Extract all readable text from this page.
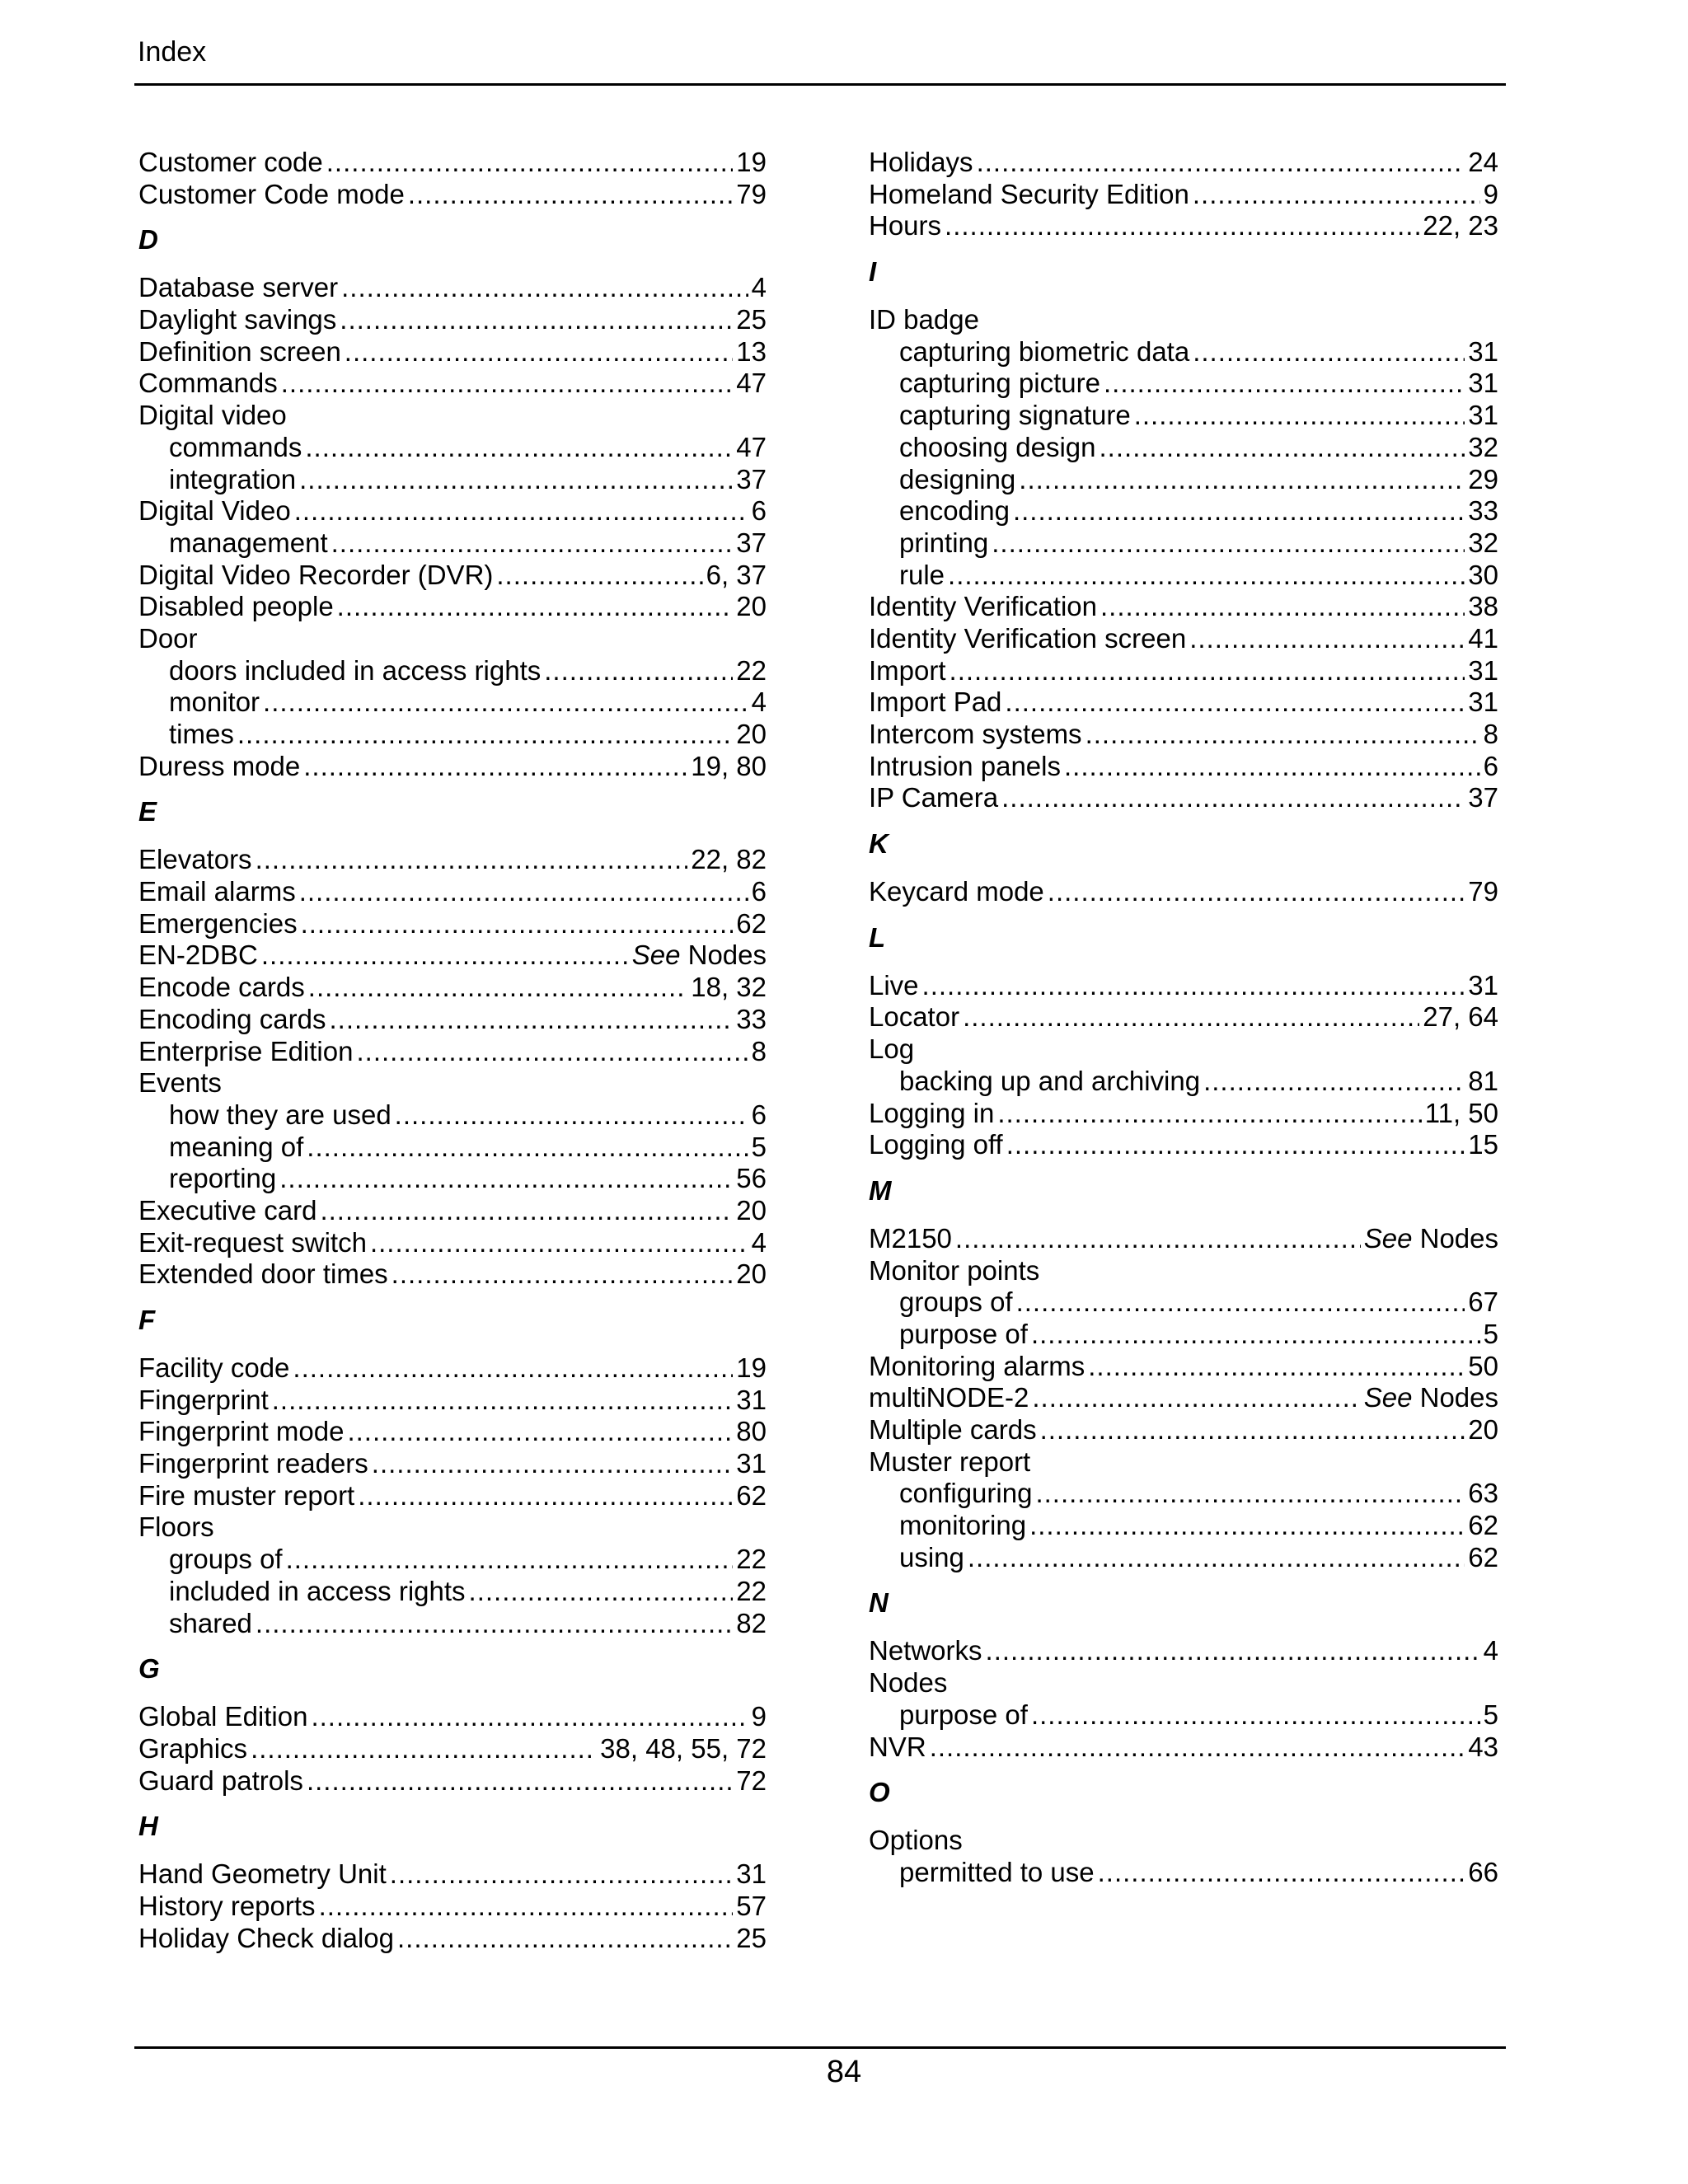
Index
Customer code .....	19
Customer Code mode .....	79
D
Database server .....	4
Daylight savings .....	25
Definition screen .....	13
Commands .....	47
Digital video
commands .....	47
integration .....	37
Digital Video .....	6
management .....	37
Digital Video Recorder (DVR) .....	6, 37
Disabled people .....	20
Door
doors included in access rights .....	22
monitor .....	4
times .....	20
Duress mode .....	19, 80
E
Elevators .....	22, 82
Email alarms .....	6
Emergencies .....	62
EN-2DBC .....	See Nodes
Encode cards .....	18, 32
Encoding cards .....	33
Enterprise Edition .....	8
Events
how they are used .....	6
meaning of .....	5
reporting .....	56
Executive card .....	20
Exit-request switch .....	4
Extended door times .....	20
F
Facility code .....	19
Fingerprint .....	31
Fingerprint mode .....	80
Fingerprint readers .....	31
Fire muster report .....	62
Floors
groups of .....	22
included in access rights .....	22
shared .....	82
G
Global Edition .....	9
Graphics .....	38, 48, 55, 72
Guard patrols .....	72
H
Hand Geometry Unit .....	31
History reports .....	57
Holiday Check dialog .....	25
Holidays .....	24
Homeland Security Edition .....	9
Hours .....	22, 23
I
ID badge
capturing biometric data .....	31
capturing picture .....	31
capturing signature .....	31
choosing design .....	32
designing .....	29
encoding .....	33
printing .....	32
rule .....	30
Identity Verification .....	38
Identity Verification screen .....	41
Import .....	31
Import Pad .....	31
Intercom systems .....	8
Intrusion panels .....	6
IP Camera .....	37
K
Keycard mode .....	79
L
Live .....	31
Locator .....	27, 64
Log
backing up and archiving .....	81
Logging in .....	11, 50
Logging off .....	15
M
M2150 .....	See Nodes
Monitor points
groups of .....	67
purpose of .....	5
Monitoring alarms .....	50
multiNODE-2 .....	See Nodes
Multiple cards .....	20
Muster report
configuring .....	63
monitoring .....	62
using .....	62
N
Networks .....	4
Nodes
purpose of .....	5
NVR .....	43
O
Options
permitted to use .....	66
84
